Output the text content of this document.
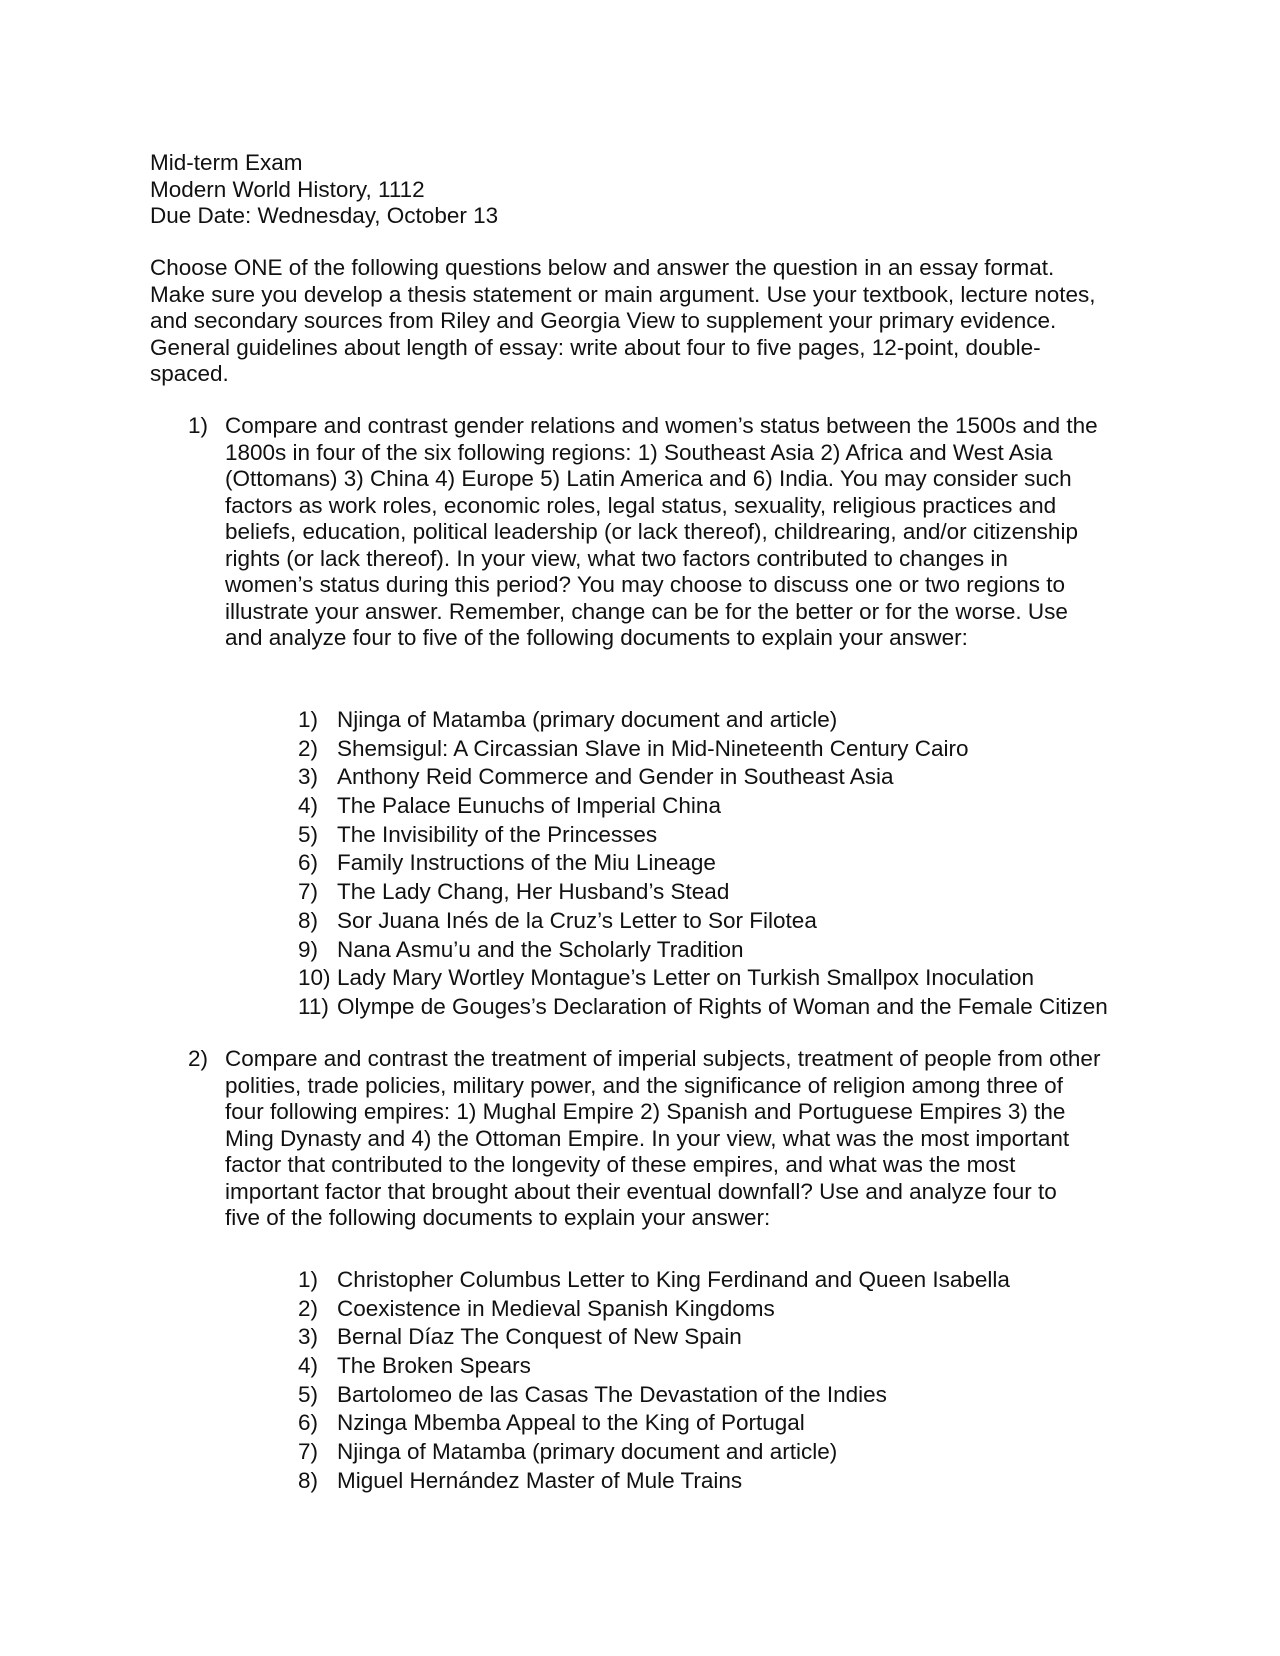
Mid-term Exam
Modern World History, 1112
Due Date: Wednesday, October 13
Choose ONE of the following questions below and answer the question in an essay format.
Make sure you develop a thesis statement or main argument. Use your textbook, lecture notes,
and secondary sources from Riley and Georgia View to supplement your primary evidence.
General guidelines about length of essay: write about four to five pages, 12-point, double-
spaced.
1) Compare and contrast gender relations and women’s status between the 1500s and the
1800s in four of the six following regions: 1) Southeast Asia 2) Africa and West Asia
(Ottomans) 3) China 4) Europe 5) Latin America and 6) India. You may consider such
factors as work roles, economic roles, legal status, sexuality, religious practices and
beliefs, education, political leadership (or lack thereof), childrearing, and/or citizenship
rights (or lack thereof). In your view, what two factors contributed to changes in
women’s status during this period? You may choose to discuss one or two regions to
illustrate your answer. Remember, change can be for the better or for the worse. Use
and analyze four to five of the following documents to explain your answer:
1) Njinga of Matamba (primary document and article)
2) Shemsigul: A Circassian Slave in Mid-Nineteenth Century Cairo
3) Anthony Reid Commerce and Gender in Southeast Asia
4) The Palace Eunuchs of Imperial China
5) The Invisibility of the Princesses
6) Family Instructions of the Miu Lineage
7) The Lady Chang, Her Husband’s Stead
8) Sor Juana Inés de la Cruz’s Letter to Sor Filotea
9) Nana Asmu’u and the Scholarly Tradition
10) Lady Mary Wortley Montague’s Letter on Turkish Smallpox Inoculation
11) Olympe de Gouges’s Declaration of Rights of Woman and the Female Citizen
2) Compare and contrast the treatment of imperial subjects, treatment of people from other
polities, trade policies, military power, and the significance of religion among three of
four following empires: 1) Mughal Empire 2) Spanish and Portuguese Empires 3) the
Ming Dynasty and 4) the Ottoman Empire. In your view, what was the most important
factor that contributed to the longevity of these empires, and what was the most
important factor that brought about their eventual downfall? Use and analyze four to
five of the following documents to explain your answer:
1) Christopher Columbus Letter to King Ferdinand and Queen Isabella
2) Coexistence in Medieval Spanish Kingdoms
3) Bernal Díaz The Conquest of New Spain
4) The Broken Spears
5) Bartolomeo de las Casas The Devastation of the Indies
6) Nzinga Mbemba Appeal to the King of Portugal
7) Njinga of Matamba (primary document and article)
8) Miguel Hernández Master of Mule Trains
